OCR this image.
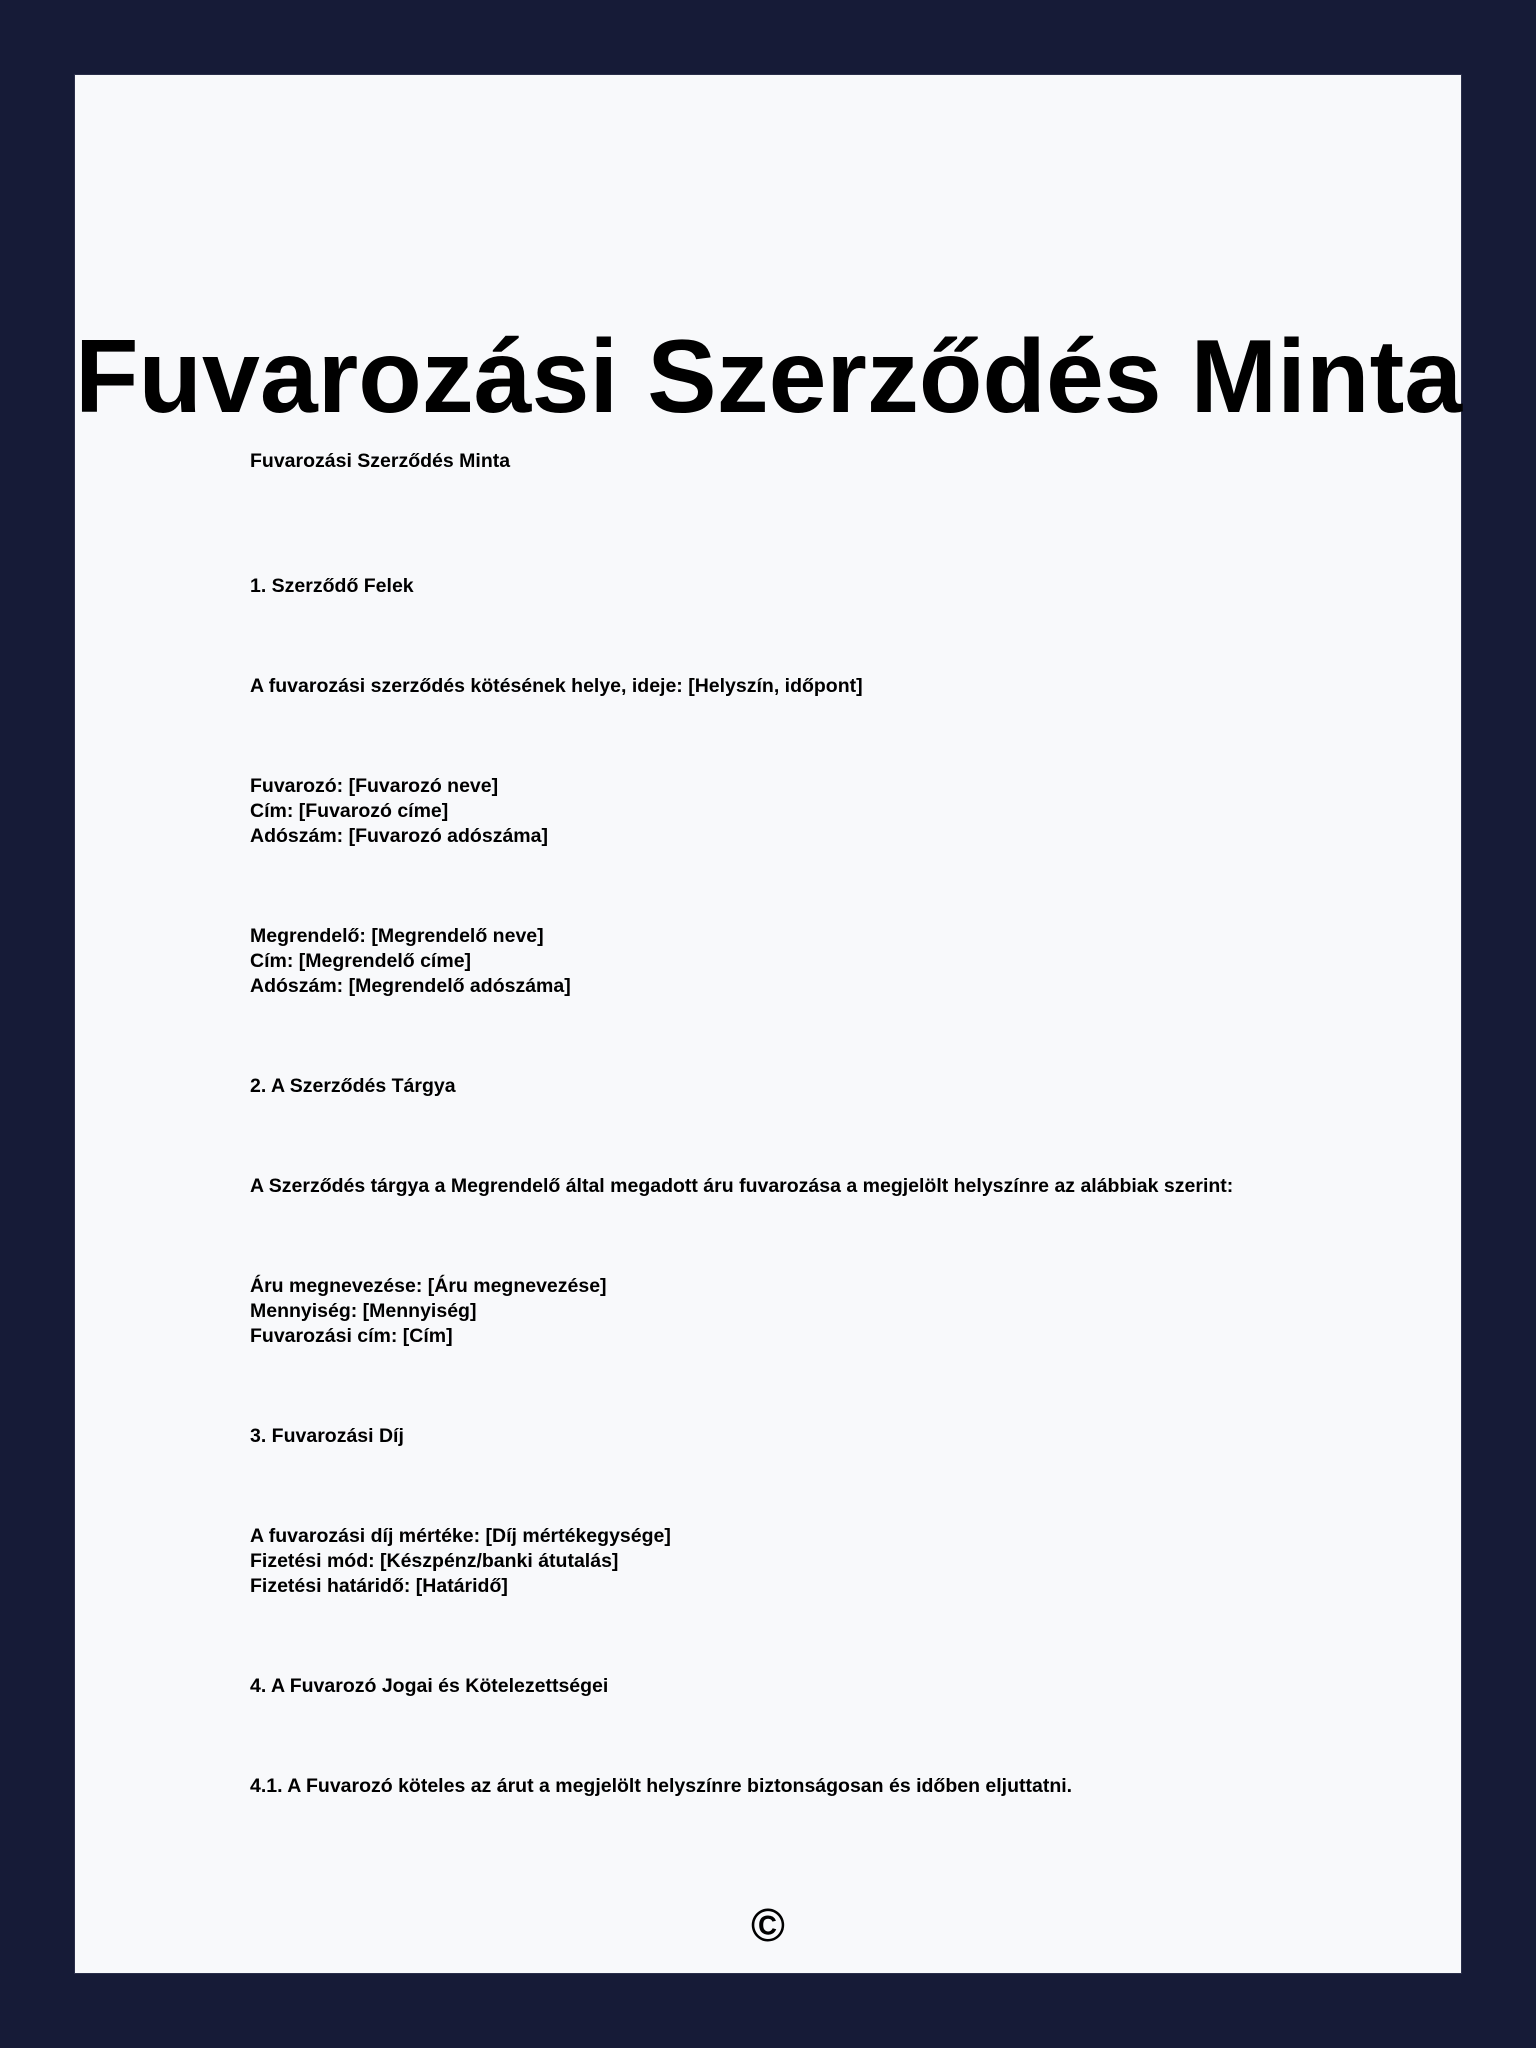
Fuvarozási Szerződés Minta

Fuvarozási Szerződés Minta

1. Szerződő Felek

A fuvarozási szerződés kötésének helye, ideje: [Helyszín, időpont]

Fuvarozó: [Fuvarozó neve]

Cím: [Fuvarozó címe]

Adószám: [Fuvarozó adószáma]

Megrendelő: [Megrendelő neve]

Cím: [Megrendelő címe]

Adószám: [Megrendelő adószáma]

2. A Szerződés Tárgya

A Szerződés tárgya a Megrendelő által megadott áru fuvarozása a megjelölt helyszínre az alábbiak szerint:

Áru megnevezése: [Áru megnevezése]

Mennyiség: [Mennyiség]

Fuvarozási cím: [Cím]

3. Fuvarozási Díj

A fuvarozási díj mértéke: [Díj mértékegysége]

Fizetési mód: [Készpénz/banki átutalás]

Fizetési határidő: [Határidő]

4. A Fuvarozó Jogai és Kötelezettségei

4.1. A Fuvarozó köteles az árut a megjelölt helyszínre biztonságosan és időben eljuttatni.

©
